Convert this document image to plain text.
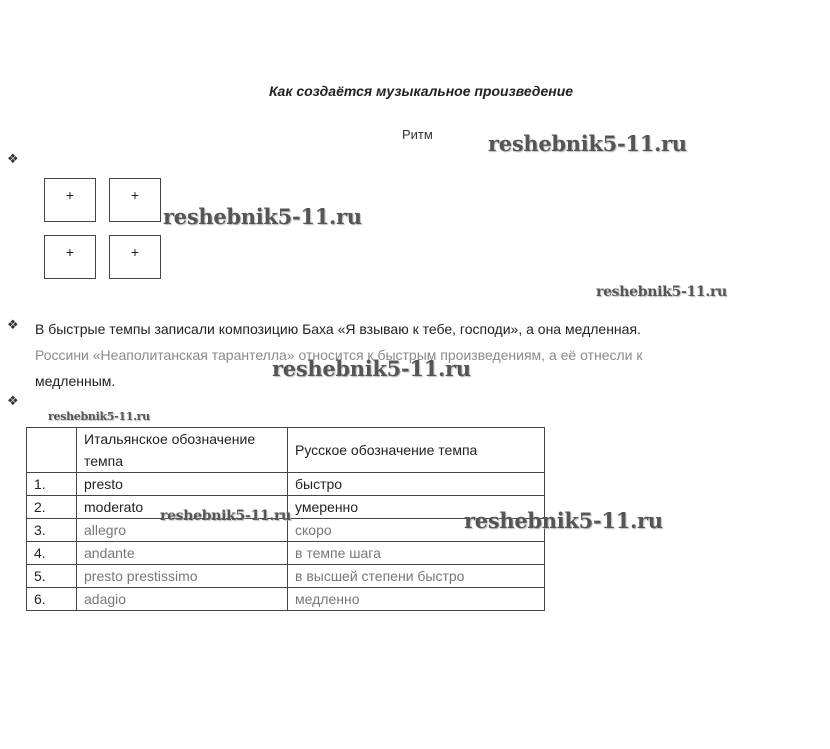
Как создаётся музыкальное произведение
Ритм
❖
+	+
+	+
❖ В быстрые темпы записали композицию Баха «Я взываю к тебе, господи», а она медленная.
Россини «Неаполитанская тарантелла» относится к быстрым произведениям, а её отнесли к
медленным.
❖
	Итальянское обозначение темпа	Русское обозначение темпа
1.	presto	быстро
2.	moderato	умеренно
3.	allegro	скоро
4.	andante	в темпе шага
5.	presto prestissimo	в высшей степени быстро
6.	adagio	медленно
reshebnik5-11.ru
reshebnik5-11.ru
reshebnik5-11.ru
reshebnik5-11.ru
reshebnik5-11.ru
reshebnik5-11.ru	reshebnik5-11.ru
